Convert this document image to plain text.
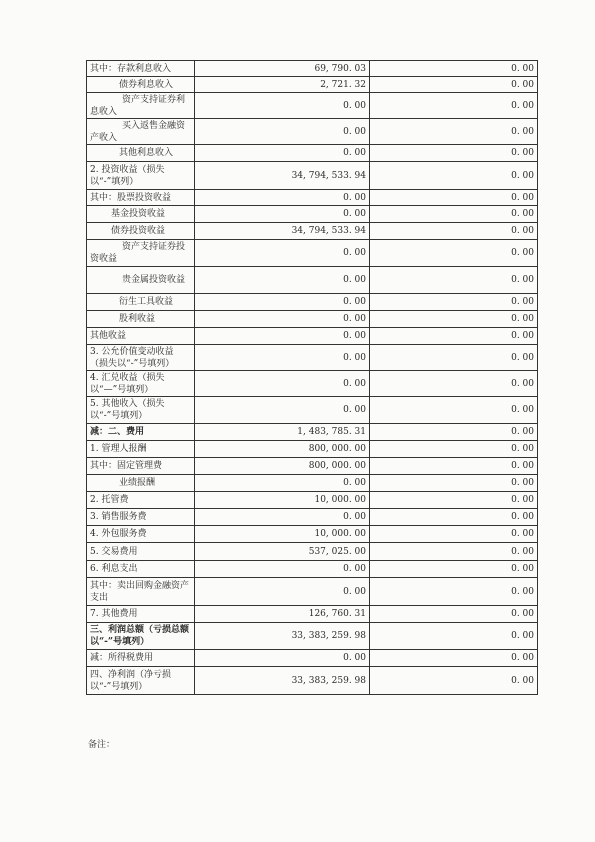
其中：存款利息收入	69, 790. 03	0. 00
债券利息收入	2, 721. 32	0. 00
资产支持证券利息收入	0. 00	0. 00
买入返售金融资产收入	0. 00	0. 00
其他利息收入	0. 00	0. 00
2. 投资收益（损失以“-”填列）	34, 794, 533. 94	0. 00
其中：股票投资收益	0. 00	0. 00
基金投资收益	0. 00	0. 00
债券投资收益	34, 794, 533. 94	0. 00
资产支持证券投资收益	0. 00	0. 00
贵金属投资收益	0. 00	0. 00
衍生工具收益	0. 00	0. 00
股利收益	0. 00	0. 00
其他收益	0. 00	0. 00
3. 公允价值变动收益（损失以“-”号填列）	0. 00	0. 00
4. 汇兑收益（损失以“—”号填列）	0. 00	0. 00
5. 其他收入（损失以“-”号填列）	0. 00	0. 00
减：二、费用	1, 483, 785. 31	0. 00
1. 管理人报酬	800, 000. 00	0. 00
其中：固定管理费	800, 000. 00	0. 00
业绩报酬	0. 00	0. 00
2. 托管费	10, 000. 00	0. 00
3. 销售服务费	0. 00	0. 00
4. 外包服务费	10, 000. 00	0. 00
5. 交易费用	537, 025. 00	0. 00
6. 利息支出	0. 00	0. 00
其中：卖出回购金融资产支出	0. 00	0. 00
7. 其他费用	126, 760. 31	0. 00
三、利润总额（亏损总额以“-”号填列）	33, 383, 259. 98	0. 00
减：所得税费用	0. 00	0. 00
四、净利润（净亏损以“-”号填列）	33, 383, 259. 98	0. 00
备注：
